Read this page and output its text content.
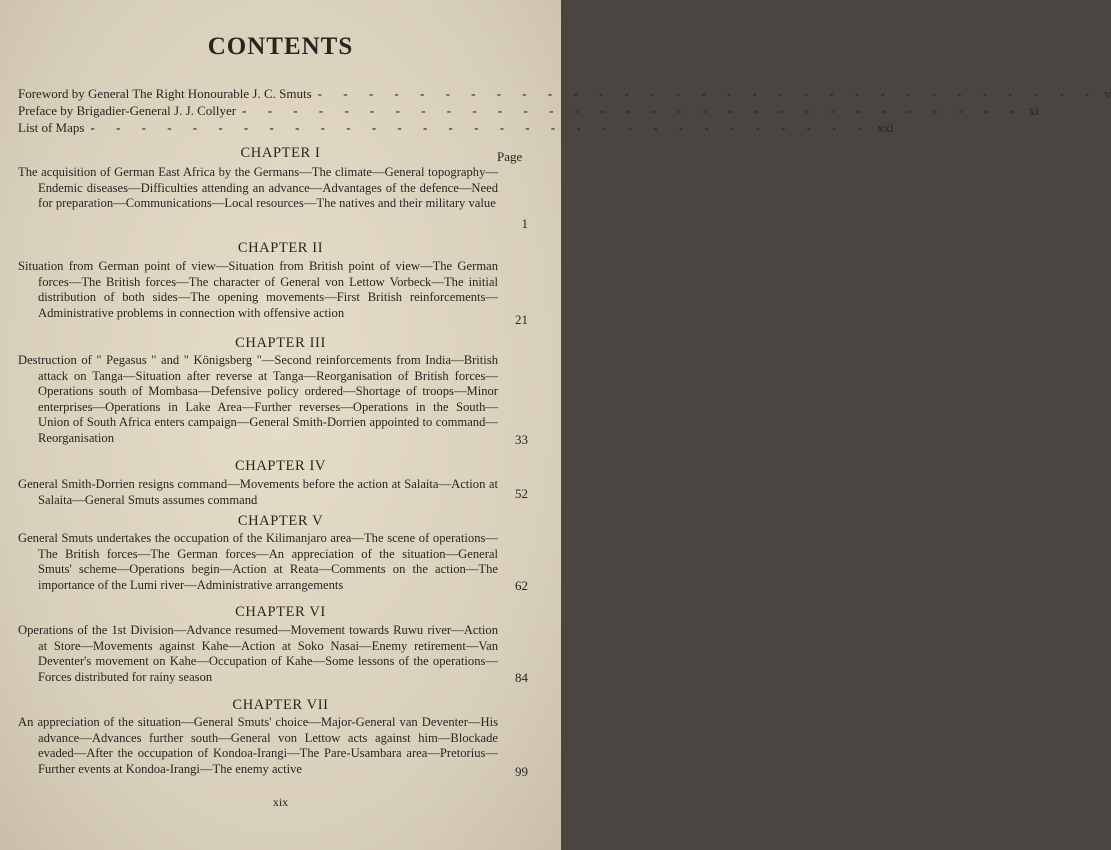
CONTENTS
Foreword by General The Right Honourable J. C. Smuts - - - - - - - - - - - - - - - - - - - - - - - - - - - - - - - v
Preface by Brigadier-General J. J. Collyer - - - - - - - - - - - - - - - - - - - - - - - - - - - - - - - xi
List of Maps - - - - - - - - - - - - - - - - - - - - - - - - - - - - - - - xxi
Page
CHAPTER I
The acquisition of German East Africa by the Germans—The climate—General topography—Endemic diseases—Difficulties attending an advance—Advantages of the defence—Need for preparation—Communications—Local resources—The natives and their military value
1
CHAPTER II
Situation from German point of view—Situation from British point of view—The German forces—The British forces—The character of General von Lettow Vorbeck—The initial distribution of both sides—The opening movements—First British reinforcements—Administrative problems in connection with offensive action	21
CHAPTER III
Destruction of " Pegasus " and " Königsberg "—Second reinforcements from India—British attack on Tanga—Situation after reverse at Tanga—Reorganisation of British forces—Operations south of Mombasa—Defensive policy ordered—Shortage of troops—Minor enterprises—Operations in Lake Area—Further reverses—Operations in the South—Union of South Africa enters campaign—General Smith-Dorrien appointed to command—Reorganisation	33
CHAPTER IV
General Smith-Dorrien resigns command—Movements before the action at Salaita—Action at Salaita—General Smuts assumes command	52
CHAPTER V
General Smuts undertakes the occupation of the Kilimanjaro area—The scene of operations—The British forces—The German forces—An appreciation of the situation—General Smuts' scheme—Operations begin—Action at Reata—Comments on the action—The importance of the Lumi river—Administrative arrangements	62
CHAPTER VI
Operations of the 1st Division—Advance resumed—Movement towards Ruwu river—Action at Store—Movements against Kahe—Action at Soko Nasai—Enemy retirement—Van Deventer's movement on Kahe—Occupation of Kahe—Some lessons of the operations—Forces distributed for rainy season	84
CHAPTER VII
An appreciation of the situation—General Smuts' choice—Major-General van Deventer—His advance—Advances further south—General von Lettow acts against him—Blockade evaded—After the occupation of Kondoa-Irangi—The Pare-Usambara area—Pretorius—Further events at Kondoa-Irangi—The enemy active	99
xix
